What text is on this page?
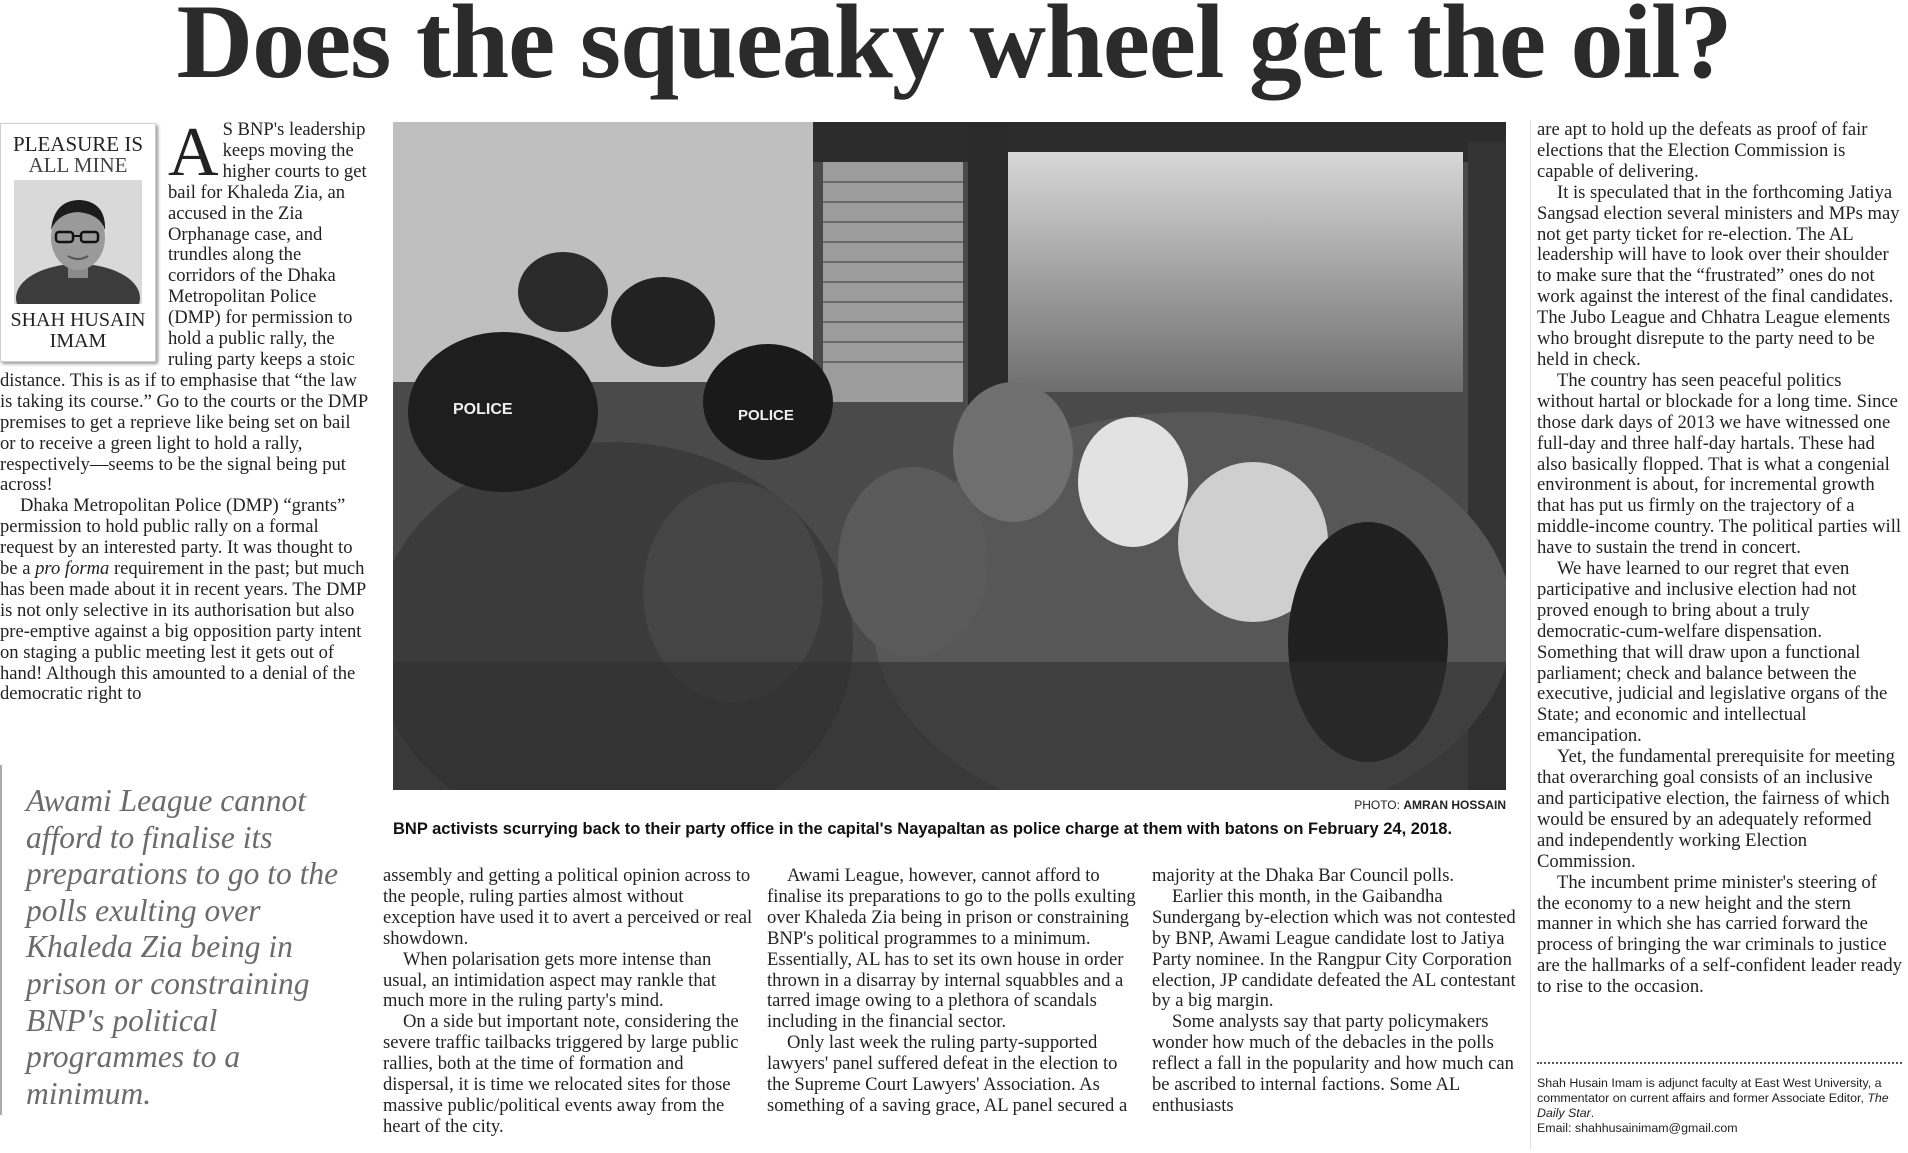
Does the squeaky wheel get the oil?
PLEASURE IS
ALL MINE
SHAH HUSAIN
IMAM

A S BNP's leadership keeps moving the higher courts to get bail for Khaleda Zia, an accused in the Zia Orphanage case, and trundles along the corridors of the Dhaka Metropolitan Police (DMP) for permission to hold a public rally, the ruling party keeps a stoic distance. This is as if to emphasise that “the law is taking its course.” Go to the courts or the DMP premises to get a reprieve like being set on bail or to receive a green light to hold a rally, respectively—seems to be the signal being put across!

Dhaka Metropolitan Police (DMP) “grants” permission to hold public rally on a formal request by an interested party. It was thought to be a pro forma requirement in the past; but much has been made about it in recent years. The DMP is not only selective in its authorisation but also pre-emptive against a big opposition party intent on staging a public meeting lest it gets out of hand! Although this amounted to a denial of the democratic right to

Awami League cannot afford to finalise its preparations to go to the polls exulting over Khaleda Zia being in prison or constraining BNP's political programmes to a minimum.
POLICE	POLICE
PHOTO: AMRAN HOSSAIN
BNP activists scurrying back to their party office in the capital's Nayapaltan as police charge at them with batons on February 24, 2018.

assembly and getting a political opinion across to the people, ruling parties almost without exception have used it to avert a perceived or real showdown.

When polarisation gets more intense than usual, an intimidation aspect may rankle that much more in the ruling party's mind.

On a side but important note, considering the severe traffic tailbacks triggered by large public rallies, both at the time of formation and dispersal, it is time we relocated sites for those massive public/political events away from the heart of the city.

Awami League, however, cannot afford to finalise its preparations to go to the polls exulting over Khaleda Zia being in prison or constraining BNP's political programmes to a minimum. Essentially, AL has to set its own house in order thrown in a disarray by internal squabbles and a tarred image owing to a plethora of scandals including in the financial sector.

Only last week the ruling party-supported lawyers' panel suffered defeat in the election to the Supreme Court Lawyers' Association. As something of a saving grace, AL panel secured a

majority at the Dhaka Bar Council polls.

Earlier this month, in the Gaibandha Sundergang by-election which was not contested by BNP, Awami League candidate lost to Jatiya Party nominee. In the Rangpur City Corporation election, JP candidate defeated the AL contestant by a big margin.

Some analysts say that party policymakers wonder how much of the debacles in the polls reflect a fall in the popularity and how much can be ascribed to internal factions. Some AL enthusiasts

are apt to hold up the defeats as proof of fair elections that the Election Commission is capable of delivering.

It is speculated that in the forthcoming Jatiya Sangsad election several ministers and MPs may not get party ticket for re-election. The AL leadership will have to look over their shoulder to make sure that the “frustrated” ones do not work against the interest of the final candidates. The Jubo League and Chhatra League elements who brought disrepute to the party need to be held in check.

The country has seen peaceful politics without hartal or blockade for a long time. Since those dark days of 2013 we have witnessed one full-day and three half-day hartals. These had also basically flopped. That is what a congenial environment is about, for incremental growth that has put us firmly on the trajectory of a middle-income country. The political parties will have to sustain the trend in concert.

We have learned to our regret that even participative and inclusive election had not proved enough to bring about a truly democratic-cum-welfare dispensation. Something that will draw upon a functional parliament; check and balance between the executive, judicial and legislative organs of the State; and economic and intellectual emancipation.

Yet, the fundamental prerequisite for meeting that overarching goal consists of an inclusive and participative election, the fairness of which would be ensured by an adequately reformed and independently working Election Commission.

The incumbent prime minister's steering of the economy to a new height and the stern manner in which she has carried forward the process of bringing the war criminals to justice are the hallmarks of a self-confident leader ready to rise to the occasion.

Shah Husain Imam is adjunct faculty at East West University, a commentator on current affairs and former Associate Editor, The Daily Star.
Email: shahhusainimam@gmail.com
